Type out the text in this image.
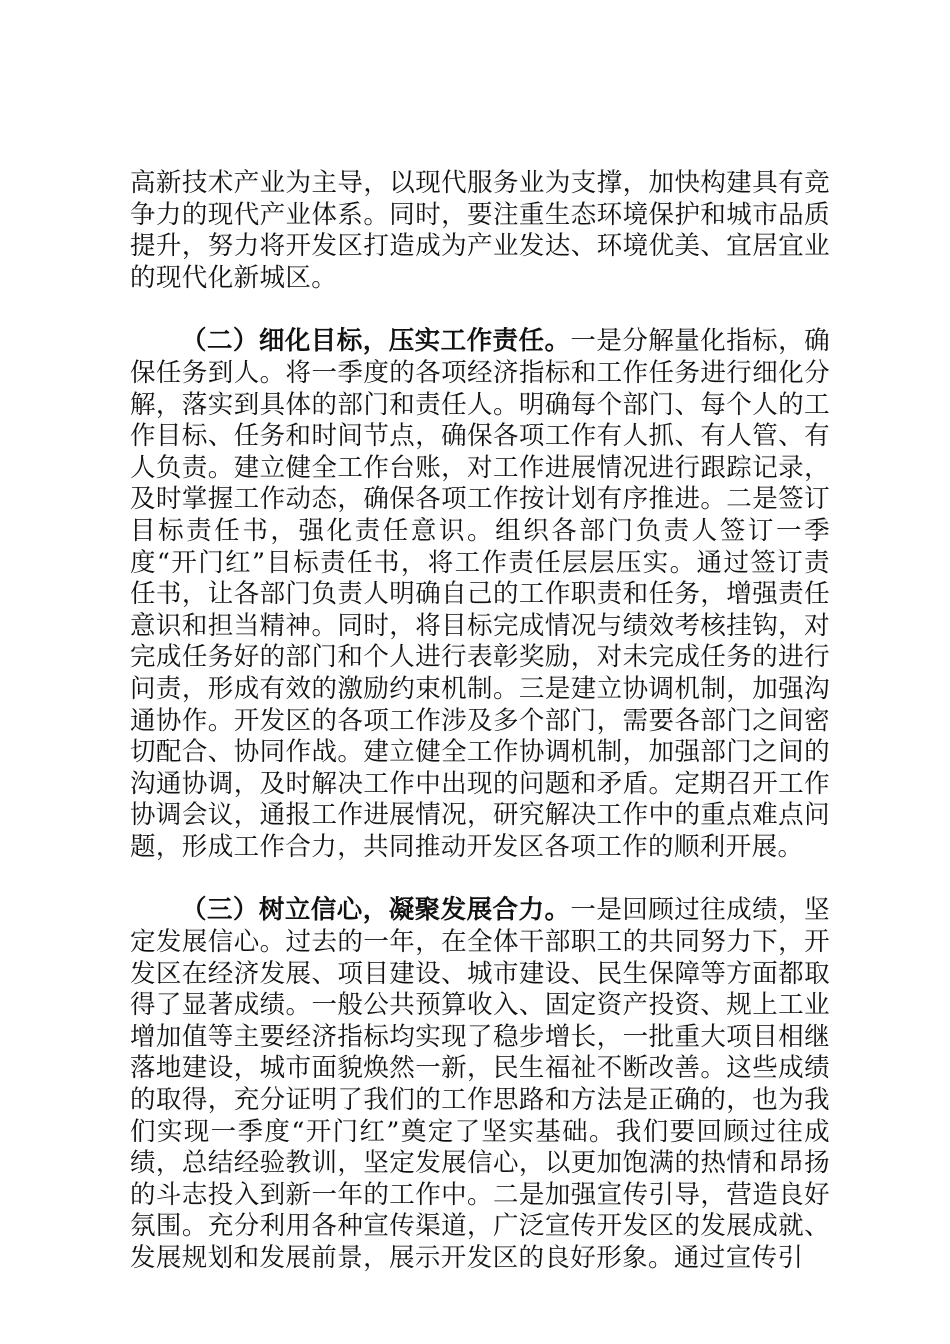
高新技术产业为主导，以现代服务业为支撑，加快构建具有竞争力的现代产业体系。同时，要注重生态环境保护和城市品质提升，努力将开发区打造成为产业发达、环境优美、宜居宜业的现代化新城区。

（二）细化目标，压实工作责任。一是分解量化指标，确保任务到人。将一季度的各项经济指标和工作任务进行细化分解，落实到具体的部门和责任人。明确每个部门、每个人的工作目标、任务和时间节点，确保各项工作有人抓、有人管、有人负责。建立健全工作台账，对工作进展情况进行跟踪记录，及时掌握工作动态，确保各项工作按计划有序推进。二是签订目标责任书，强化责任意识。组织各部门负责人签订一季度“开门红”目标责任书，将工作责任层层压实。通过签订责任书，让各部门负责人明确自己的工作职责和任务，增强责任意识和担当精神。同时，将目标完成情况与绩效考核挂钩，对完成任务好的部门和个人进行表彰奖励，对未完成任务的进行问责，形成有效的激励约束机制。三是建立协调机制，加强沟通协作。开发区的各项工作涉及多个部门，需要各部门之间密切配合、协同作战。建立健全工作协调机制，加强部门之间的沟通协调，及时解决工作中出现的问题和矛盾。定期召开工作协调会议，通报工作进展情况，研究解决工作中的重点难点问题，形成工作合力，共同推动开发区各项工作的顺利开展。

（三）树立信心，凝聚发展合力。一是回顾过往成绩，坚定发展信心。过去的一年，在全体干部职工的共同努力下，开发区在经济发展、项目建设、城市建设、民生保障等方面都取得了显著成绩。一般公共预算收入、固定资产投资、规上工业增加值等主要经济指标均实现了稳步增长，一批重大项目相继落地建设，城市面貌焕然一新，民生福祉不断改善。这些成绩的取得，充分证明了我们的工作思路和方法是正确的，也为我们实现一季度“开门红”奠定了坚实基础。我们要回顾过往成绩，总结经验教训，坚定发展信心，以更加饱满的热情和昂扬的斗志投入到新一年的工作中。二是加强宣传引导，营造良好氛围。充分利用各种宣传渠道，广泛宣传开发区的发展成就、发展规划和发展前景，展示开发区的良好形象。通过宣传引
